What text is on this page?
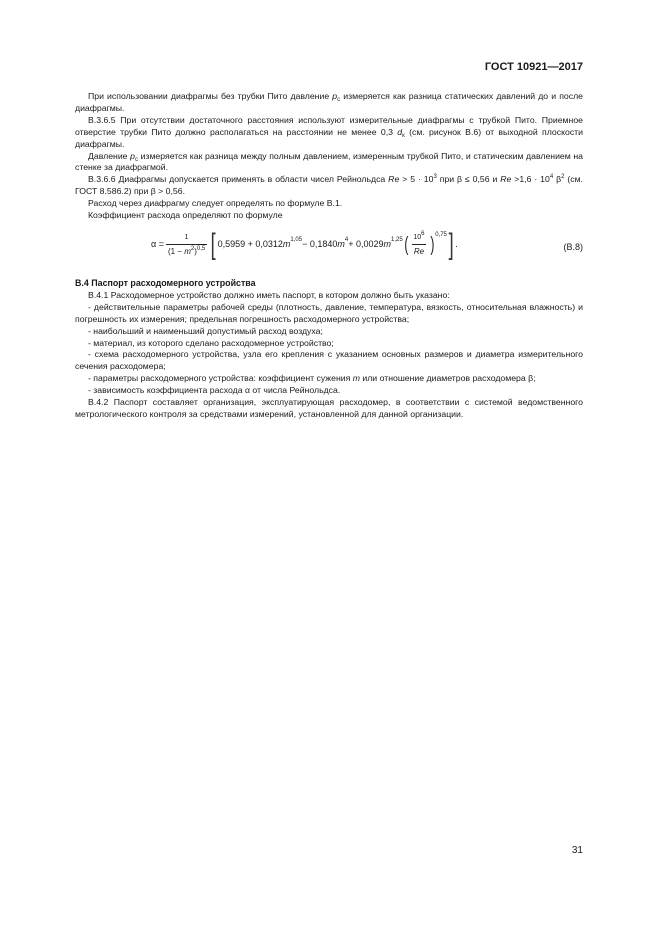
ГОСТ 10921—2017

При использовании диафрагмы без трубки Пито давление $p_c$ измеряется как разница статических давлений до и после диафрагмы.

В.3.6.5 При отсутствии достаточного расстояния используют измерительные диафрагмы с трубкой Пито. Приемное отверстие трубки Пито должно располагаться на расстоянии не менее 0,3 $d_к$ (см. рисунок В.6) от выходной плоскости диафрагмы.

Давление $p_c$ измеряется как разница между полным давлением, измеренным трубкой Пито, и статическим давлением на стенке за диафрагмой.

В.3.6.6 Диафрагмы допускается применять в области чисел Рейнольдса $Re > 5 \cdot 10^3$ при β ≤ 0,56 и $Re >1,6 \cdot 10^4$ $\beta^2$ (см. ГОСТ 8.586.2) при β > 0,56.

Расход через диафрагму следует определять по формуле В.1.

Коэффициент расхода определяют по формуле

$\alpha = \frac{1}{(1 - m^2)^{0,5}}$ [ 0,5959 + 0,0312 $m^{1,05} - 0,1840$ $m^4 + 0,0029$ $m^{1,25}$ ( $\frac{10^6}{Re} )^{0,75}$ ] .	(В.8)
В.4 Паспорт расходомерного устройства

В.4.1 Расходомерное устройство должно иметь паспорт, в котором должно быть указано:

- действительные параметры рабочей среды (плотность, давление, температура, вязкость, относительная влажность) и погрешность их измерения; предельная погрешность расходомерного устройства;

- наибольший и наименьший допустимый расход воздуха;

- материал, из которого сделано расходомерное устройство;

- схема расходомерного устройства, узла его крепления с указанием основных размеров и диаметра измерительного сечения расходомера;

- параметры расходомерного устройства: коэффициент сужения m или отношение диаметров расходомера β;

- зависимость коэффициента расхода α от числа Рейнольдса.

В.4.2 Паспорт составляет организация, эксплуатирующая расходомер, в соответствии с системой ведомственного метрологического контроля за средствами измерений, установленной для данной организации.

31
